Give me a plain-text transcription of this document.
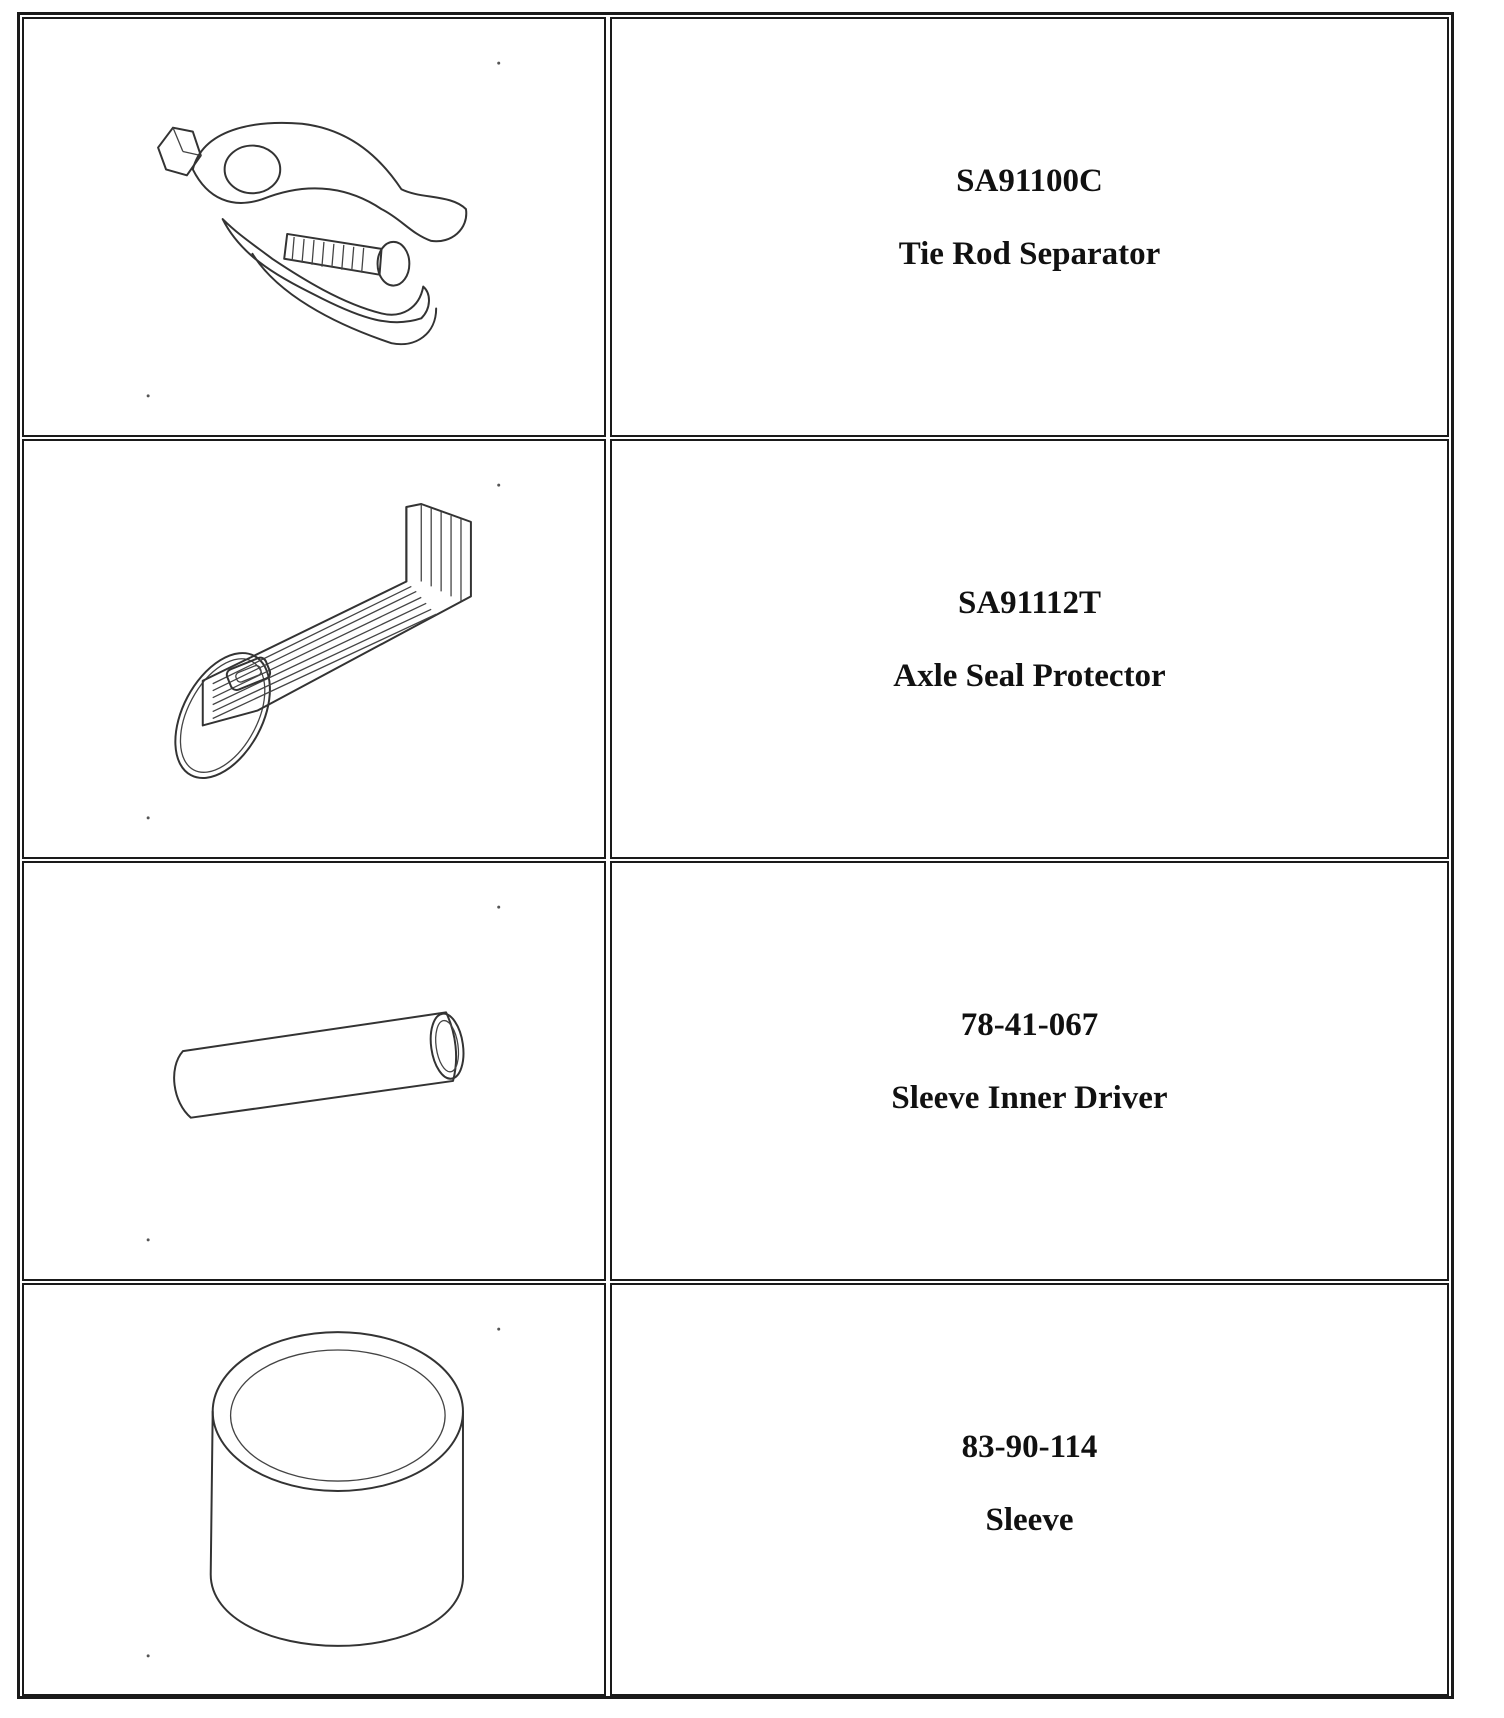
SA91100C
Tie Rod Separator
SA91112T
Axle Seal Protector
78-41-067
Sleeve Inner Driver
83-90-114
Sleeve
